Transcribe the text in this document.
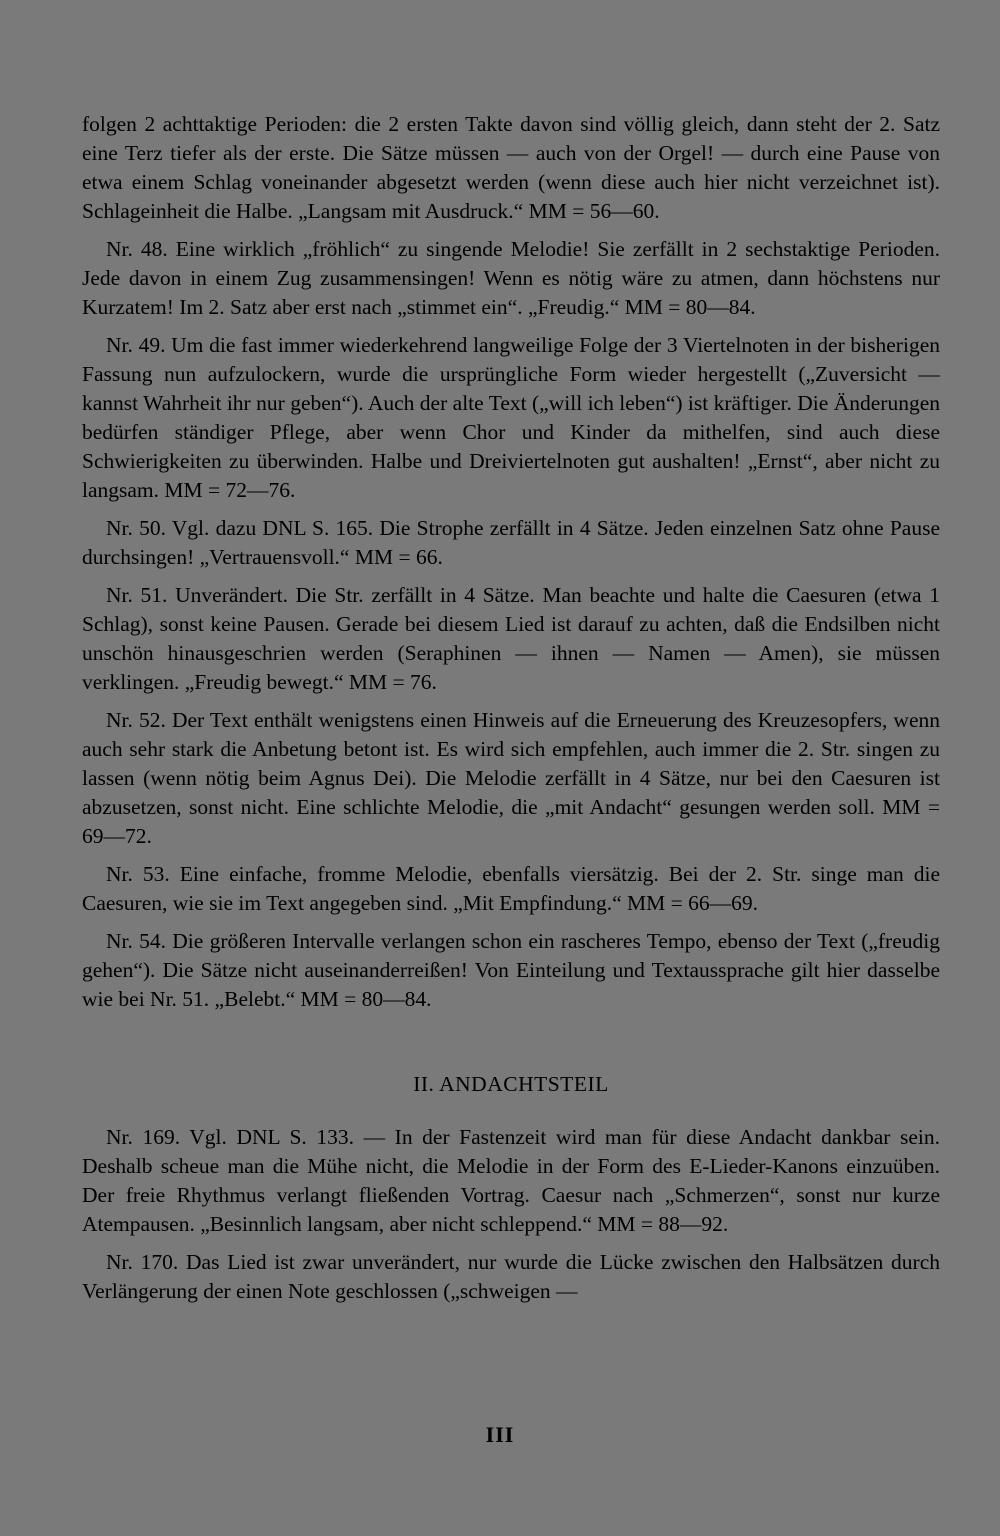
folgen 2 achttaktige Perioden: die 2 ersten Takte davon sind völlig gleich, dann steht der 2. Satz eine Terz tiefer als der erste. Die Sätze müssen — auch von der Orgel! — durch eine Pause von etwa einem Schlag voneinander abgesetzt werden (wenn diese auch hier nicht verzeichnet ist). Schlageinheit die Halbe. „Langsam mit Ausdruck.“ MM = 56—60.

Nr. 48. Eine wirklich „fröhlich“ zu singende Melodie! Sie zerfällt in 2 sechstaktige Perioden. Jede davon in einem Zug zusammensingen! Wenn es nötig wäre zu atmen, dann höchstens nur Kurzatem! Im 2. Satz aber erst nach „stimmet ein“. „Freudig.“ MM = 80—84.

Nr. 49. Um die fast immer wiederkehrend langweilige Folge der 3 Viertelnoten in der bisherigen Fassung nun aufzulockern, wurde die ursprüngliche Form wieder hergestellt („Zuversicht — kannst Wahrheit ihr nur geben“). Auch der alte Text („will ich leben“) ist kräftiger. Die Änderungen bedürfen ständiger Pflege, aber wenn Chor und Kinder da mithelfen, sind auch diese Schwierigkeiten zu überwinden. Halbe und Dreiviertelnoten gut aushalten! „Ernst“, aber nicht zu langsam. MM = 72—76.

Nr. 50. Vgl. dazu DNL S. 165. Die Strophe zerfällt in 4 Sätze. Jeden einzelnen Satz ohne Pause durchsingen! „Vertrauensvoll.“ MM = 66.

Nr. 51. Unverändert. Die Str. zerfällt in 4 Sätze. Man beachte und halte die Caesuren (etwa 1 Schlag), sonst keine Pausen. Gerade bei diesem Lied ist darauf zu achten, daß die Endsilben nicht unschön hinausgeschrien werden (Seraphinen — ihnen — Namen — Amen), sie müssen verklingen. „Freudig bewegt.“ MM = 76.

Nr. 52. Der Text enthält wenigstens einen Hinweis auf die Erneuerung des Kreuzesopfers, wenn auch sehr stark die Anbetung betont ist. Es wird sich empfehlen, auch immer die 2. Str. singen zu lassen (wenn nötig beim Agnus Dei). Die Melodie zerfällt in 4 Sätze, nur bei den Caesuren ist abzusetzen, sonst nicht. Eine schlichte Melodie, die „mit Andacht“ gesungen werden soll. MM = 69—72.

Nr. 53. Eine einfache, fromme Melodie, ebenfalls viersätzig. Bei der 2. Str. singe man die Caesuren, wie sie im Text angegeben sind. „Mit Empfindung.“ MM = 66—69.

Nr. 54. Die größeren Intervalle verlangen schon ein rascheres Tempo, ebenso der Text („freudig gehen“). Die Sätze nicht auseinanderreißen! Von Einteilung und Textaussprache gilt hier dasselbe wie bei Nr. 51. „Belebt.“ MM = 80—84.

II. ANDACHTSTEIL

Nr. 169. Vgl. DNL S. 133. — In der Fastenzeit wird man für diese Andacht dankbar sein. Deshalb scheue man die Mühe nicht, die Melodie in der Form des E-Lieder-Kanons einzuüben. Der freie Rhythmus verlangt fließenden Vortrag. Caesur nach „Schmerzen“, sonst nur kurze Atempausen. „Besinnlich langsam, aber nicht schleppend.“ MM = 88—92.

Nr. 170. Das Lied ist zwar unverändert, nur wurde die Lücke zwischen den Halbsätzen durch Verlängerung der einen Note geschlossen („schweigen —

III
